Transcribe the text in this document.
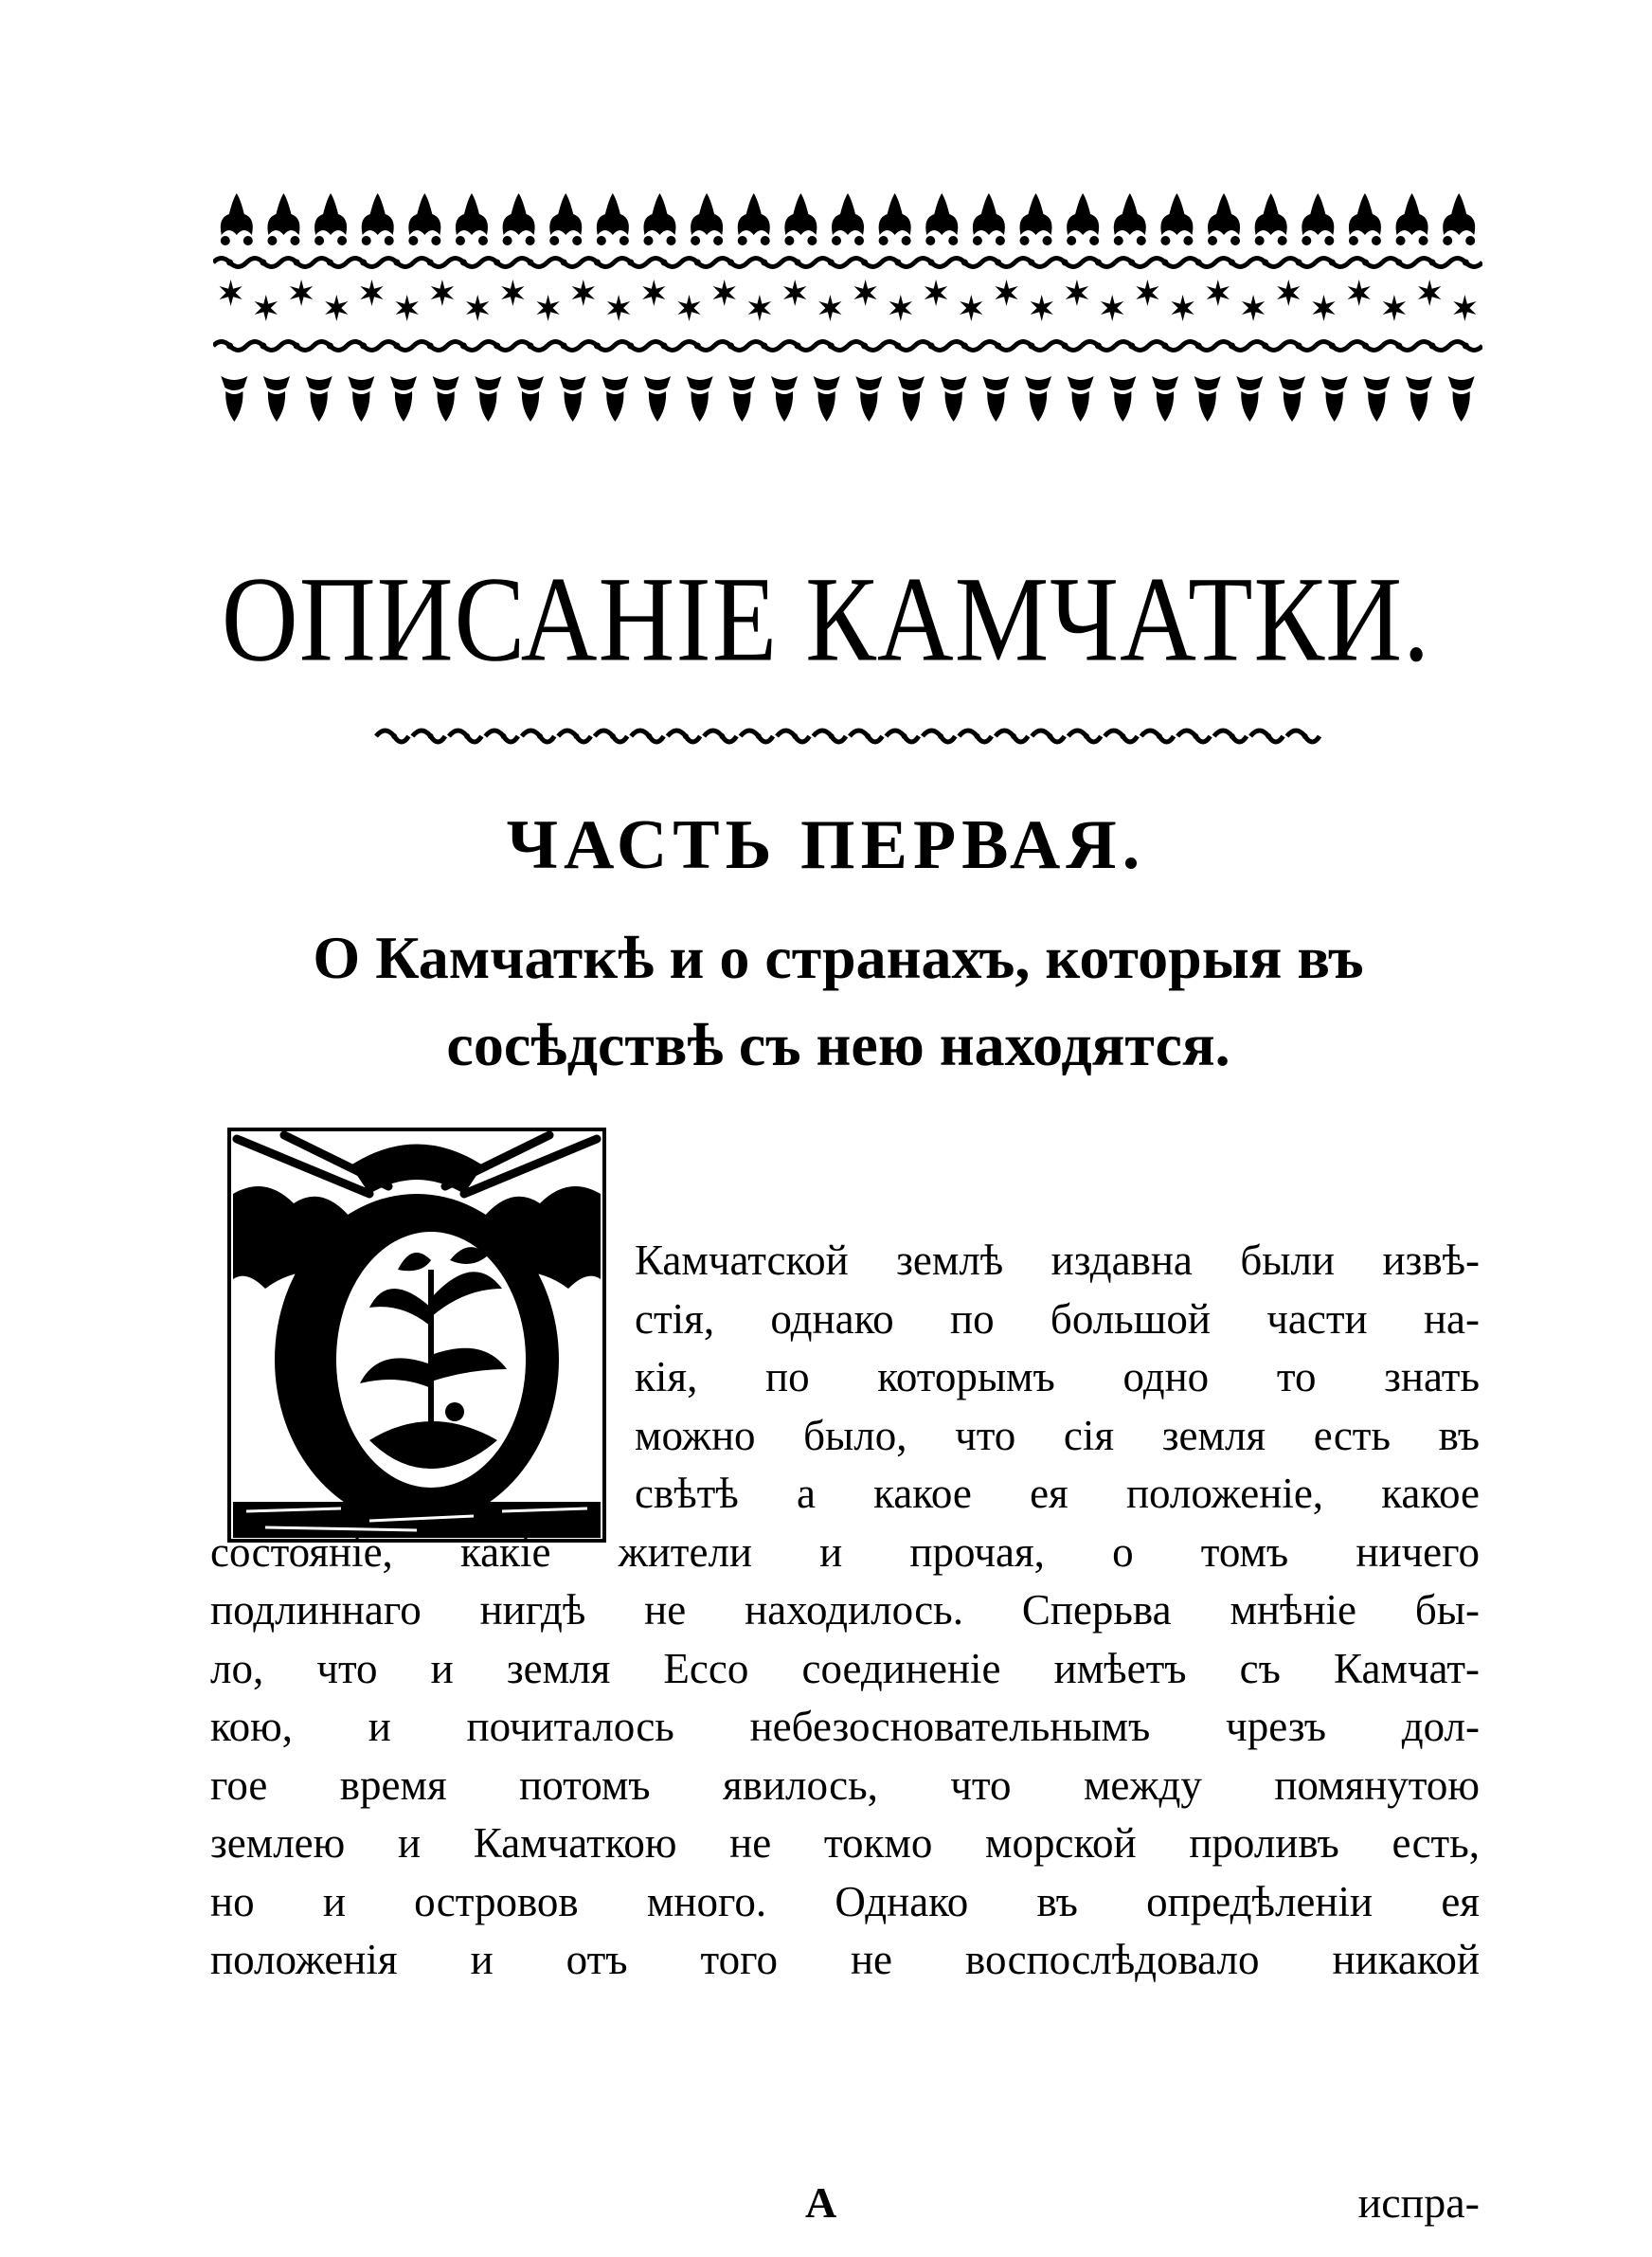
ОПИСАНІЕ КАМЧАТКИ.
ЧАСТЬ ПЕРВАЯ.
О Камчаткѣ и о странахъ, которыя въ
сосѣдствѣ съ нею находятся.
Камчатской землѣ издавна были извѣ-
стія, однако по большой части на-
кія, по которымъ одно то знать
можно было, что сія земля есть въ
свѣтѣ а какое ея положеніе, какое
состояніе, какіе жители и прочая, о томъ ничего
подлиннаго нигдѣ не находилось. Сперьва мнѣніе бы-
ло, что и земля Ессо соединеніе имѣетъ съ Камчат-
кою, и почиталось небезосновательнымъ чрезъ дол-
гое время потомъ явилось, что между помянутою
землею и Камчаткою не токмо морской проливъ есть,
но и островов много. Однако въ опредѣленіи ея
положенія и отъ того не воспослѣдовало никакой
А	испра-
